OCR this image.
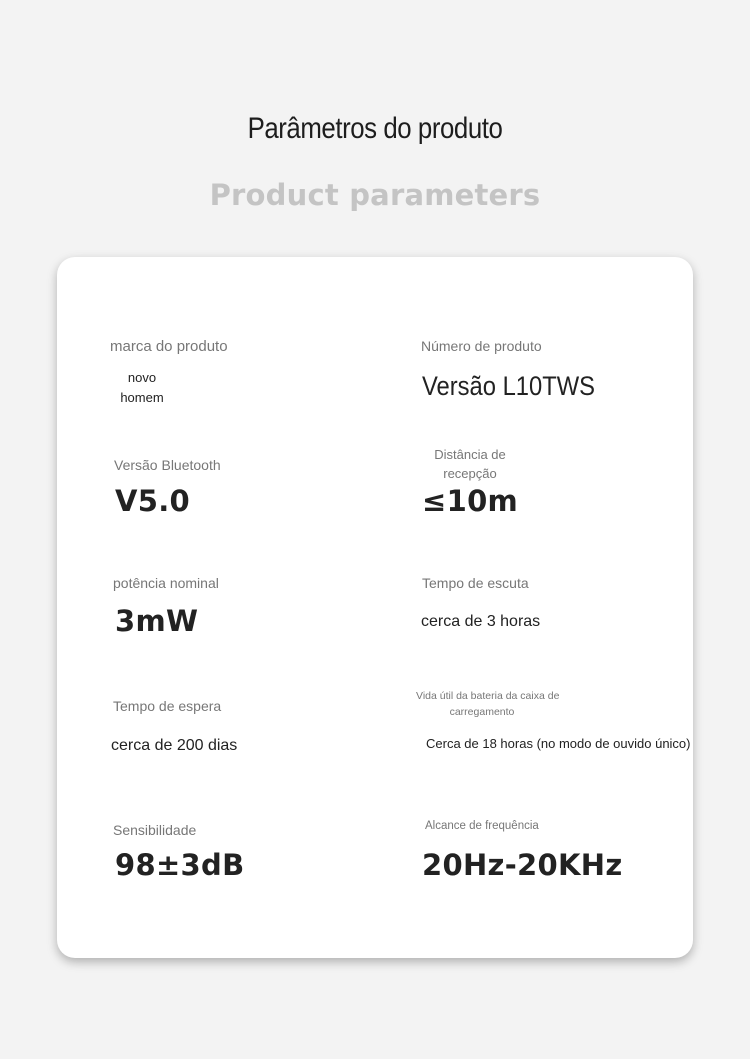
Parâmetros do produto
Product parameters
marca do produto
novo
homem
Número de produto
Versão L10TWS
Versão Bluetooth
V5.0
Distância de
recepção
≤10m
potência nominal
3mW
Tempo de escuta
cerca de 3 horas
Tempo de espera
cerca de 200 dias
Vida útil da bateria da caixa de
carregamento
Cerca de 18 horas (no modo de ouvido único)
Sensibilidade
98±3dB
Alcance de frequência
20Hz-20KHz
